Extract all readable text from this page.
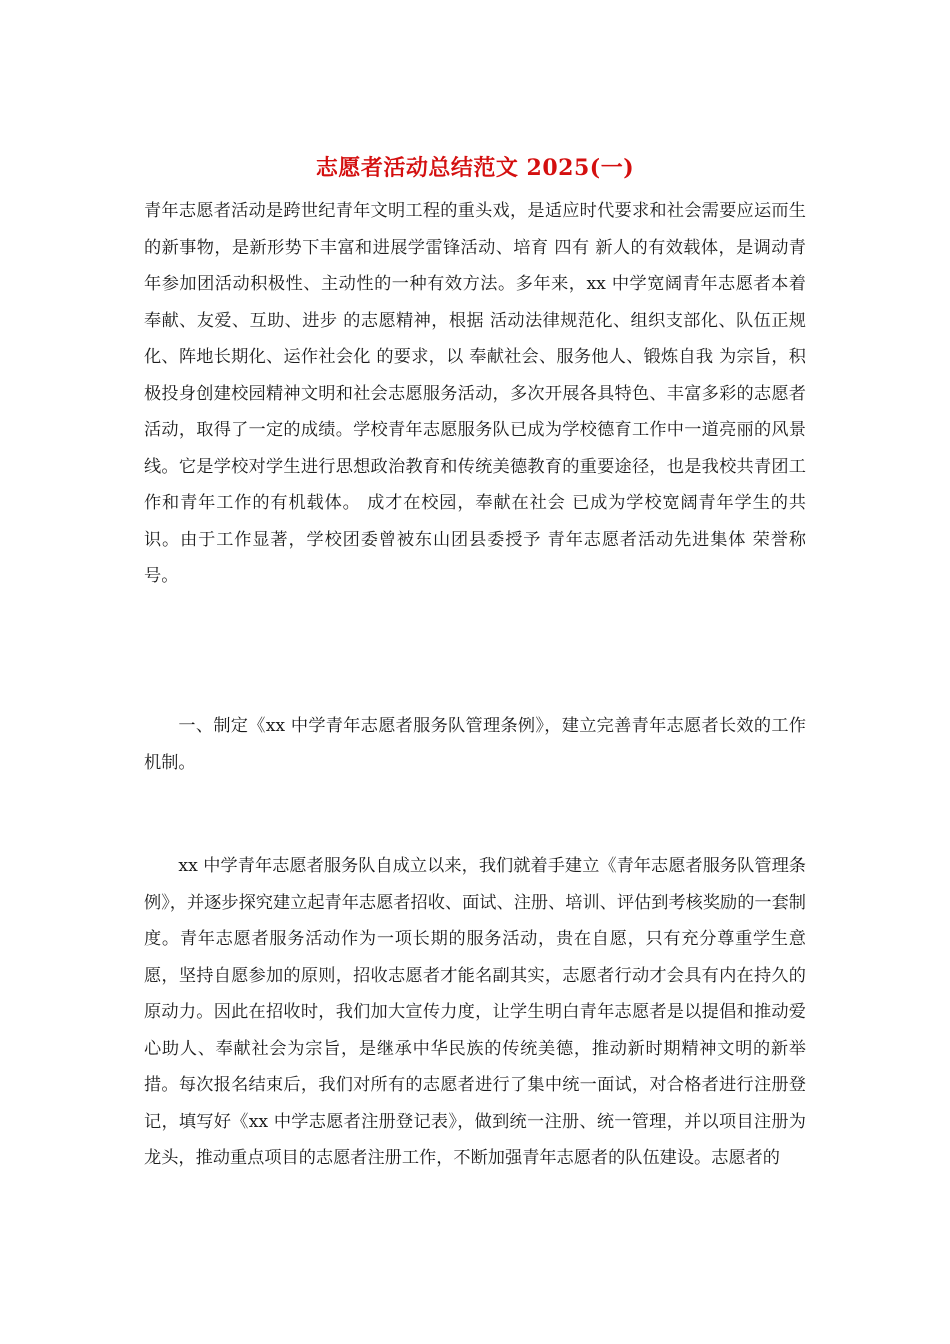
志愿者活动总结范文 2025(一)

青年志愿者活动是跨世纪青年文明工程的重头戏，是适应时代要求和社会需要应运而生的新事物，是新形势下丰富和进展学雷锋活动、培育 四有 新人的有效载体，是调动青年参加团活动积极性、主动性的一种有效方法。多年来，xx 中学宽阔青年志愿者本着 奉献、友爱、互助、进步 的志愿精神，根据 活动法律规范化、组织支部化、队伍正规化、阵地长期化、运作社会化 的要求，以 奉献社会、服务他人、锻炼自我 为宗旨，积极投身创建校园精神文明和社会志愿服务活动，多次开展各具特色、丰富多彩的志愿者活动，取得了一定的成绩。学校青年志愿服务队已成为学校德育工作中一道亮丽的风景线。它是学校对学生进行思想政治教育和传统美德教育的重要途径，也是我校共青团工作和青年工作的有机载体。 成才在校园，奉献在社会 已成为学校宽阔青年学生的共识。由于工作显著，学校团委曾被东山团县委授予 青年志愿者活动先进集体 荣誉称号。

一、制定《xx 中学青年志愿者服务队管理条例》，建立完善青年志愿者长效的工作机制。

xx 中学青年志愿者服务队自成立以来，我们就着手建立《青年志愿者服务队管理条例》，并逐步探究建立起青年志愿者招收、面试、注册、培训、评估到考核奖励的一套制度。青年志愿者服务活动作为一项长期的服务活动，贵在自愿，只有充分尊重学生意愿，坚持自愿参加的原则，招收志愿者才能名副其实，志愿者行动才会具有内在持久的原动力。因此在招收时，我们加大宣传力度，让学生明白青年志愿者是以提倡和推动爱心助人、奉献社会为宗旨，是继承中华民族的传统美德，推动新时期精神文明的新举措。每次报名结束后，我们对所有的志愿者进行了集中统一面试，对合格者进行注册登记，填写好《xx 中学志愿者注册登记表》，做到统一注册、统一管理，并以项目注册为龙头，推动重点项目的志愿者注册工作，不断加强青年志愿者的队伍建设。志愿者的
